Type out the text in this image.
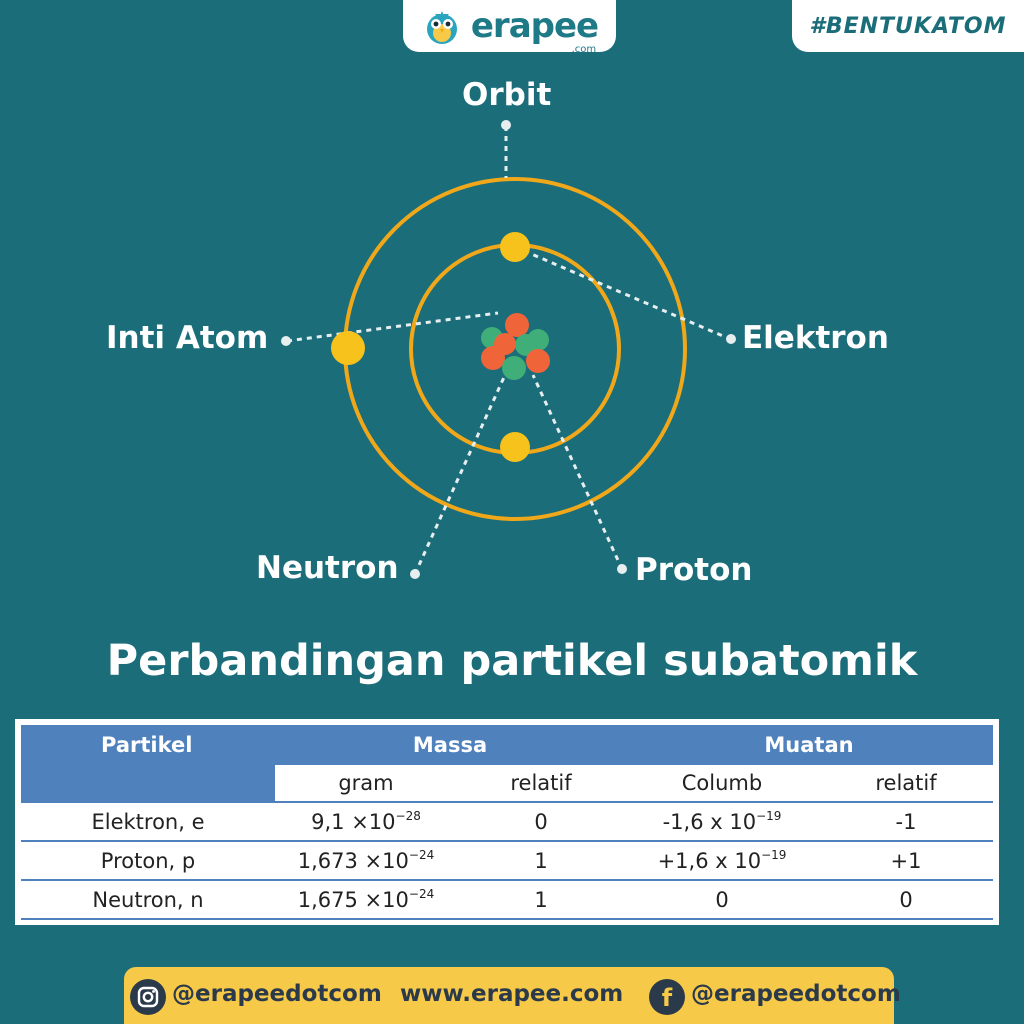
erapee
.com
#BENTUKATOM
Orbit
Inti Atom	Elektron
Neutron	Proton
Perbandingan partikel subatomik
Partikel	Massa		Muatan	
	gram	relatif	Columb	relatif
Elektron, e	$9,1 \times 10^{-28}$	0	-1,6 x $10^{-19}$	-1
Proton, p	$1,673 \times 10^{-24}$	1	+1,6 x $10^{-19}$	+1
Neutron, n	$1,675 \times 10^{-24}$	1	0	0
@erapeedotcom www.erapee.com	f @erapeedotcom
